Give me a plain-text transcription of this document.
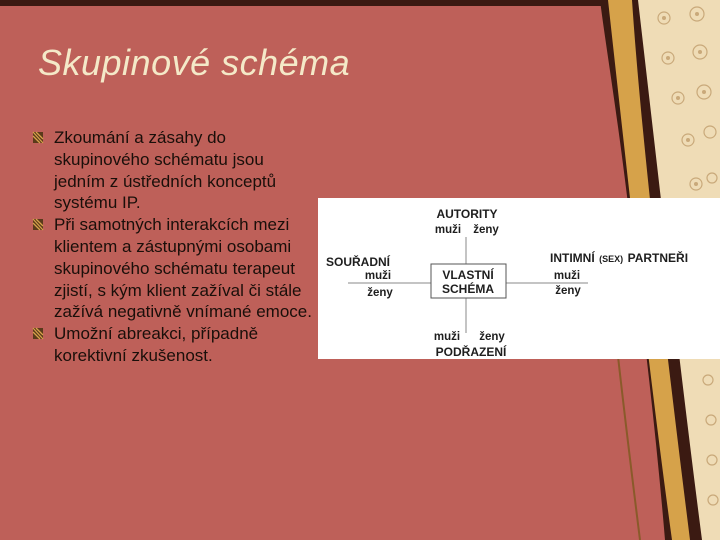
Skupinové schéma
Zkoumání a zásahy do skupinového schématu jsou jedním z ústředních konceptů systému IP.
Při samotných interakcích mezi klientem a zástupnými osobami skupinového schématu terapeut zjistí, s kým klient zažíval či stále zažívá negativně vnímané emoce.
Umožní abreakci, případně korektivní zkušenost.
AUTORITY
muži ženy
SOUŘADNÍ
muži
ženy
VLASTNÍ
SCHÉMA
INTIMNÍ (SEX) PARTNEŘI
muži
ženy
muži ženy
PODŘAZENÍ
